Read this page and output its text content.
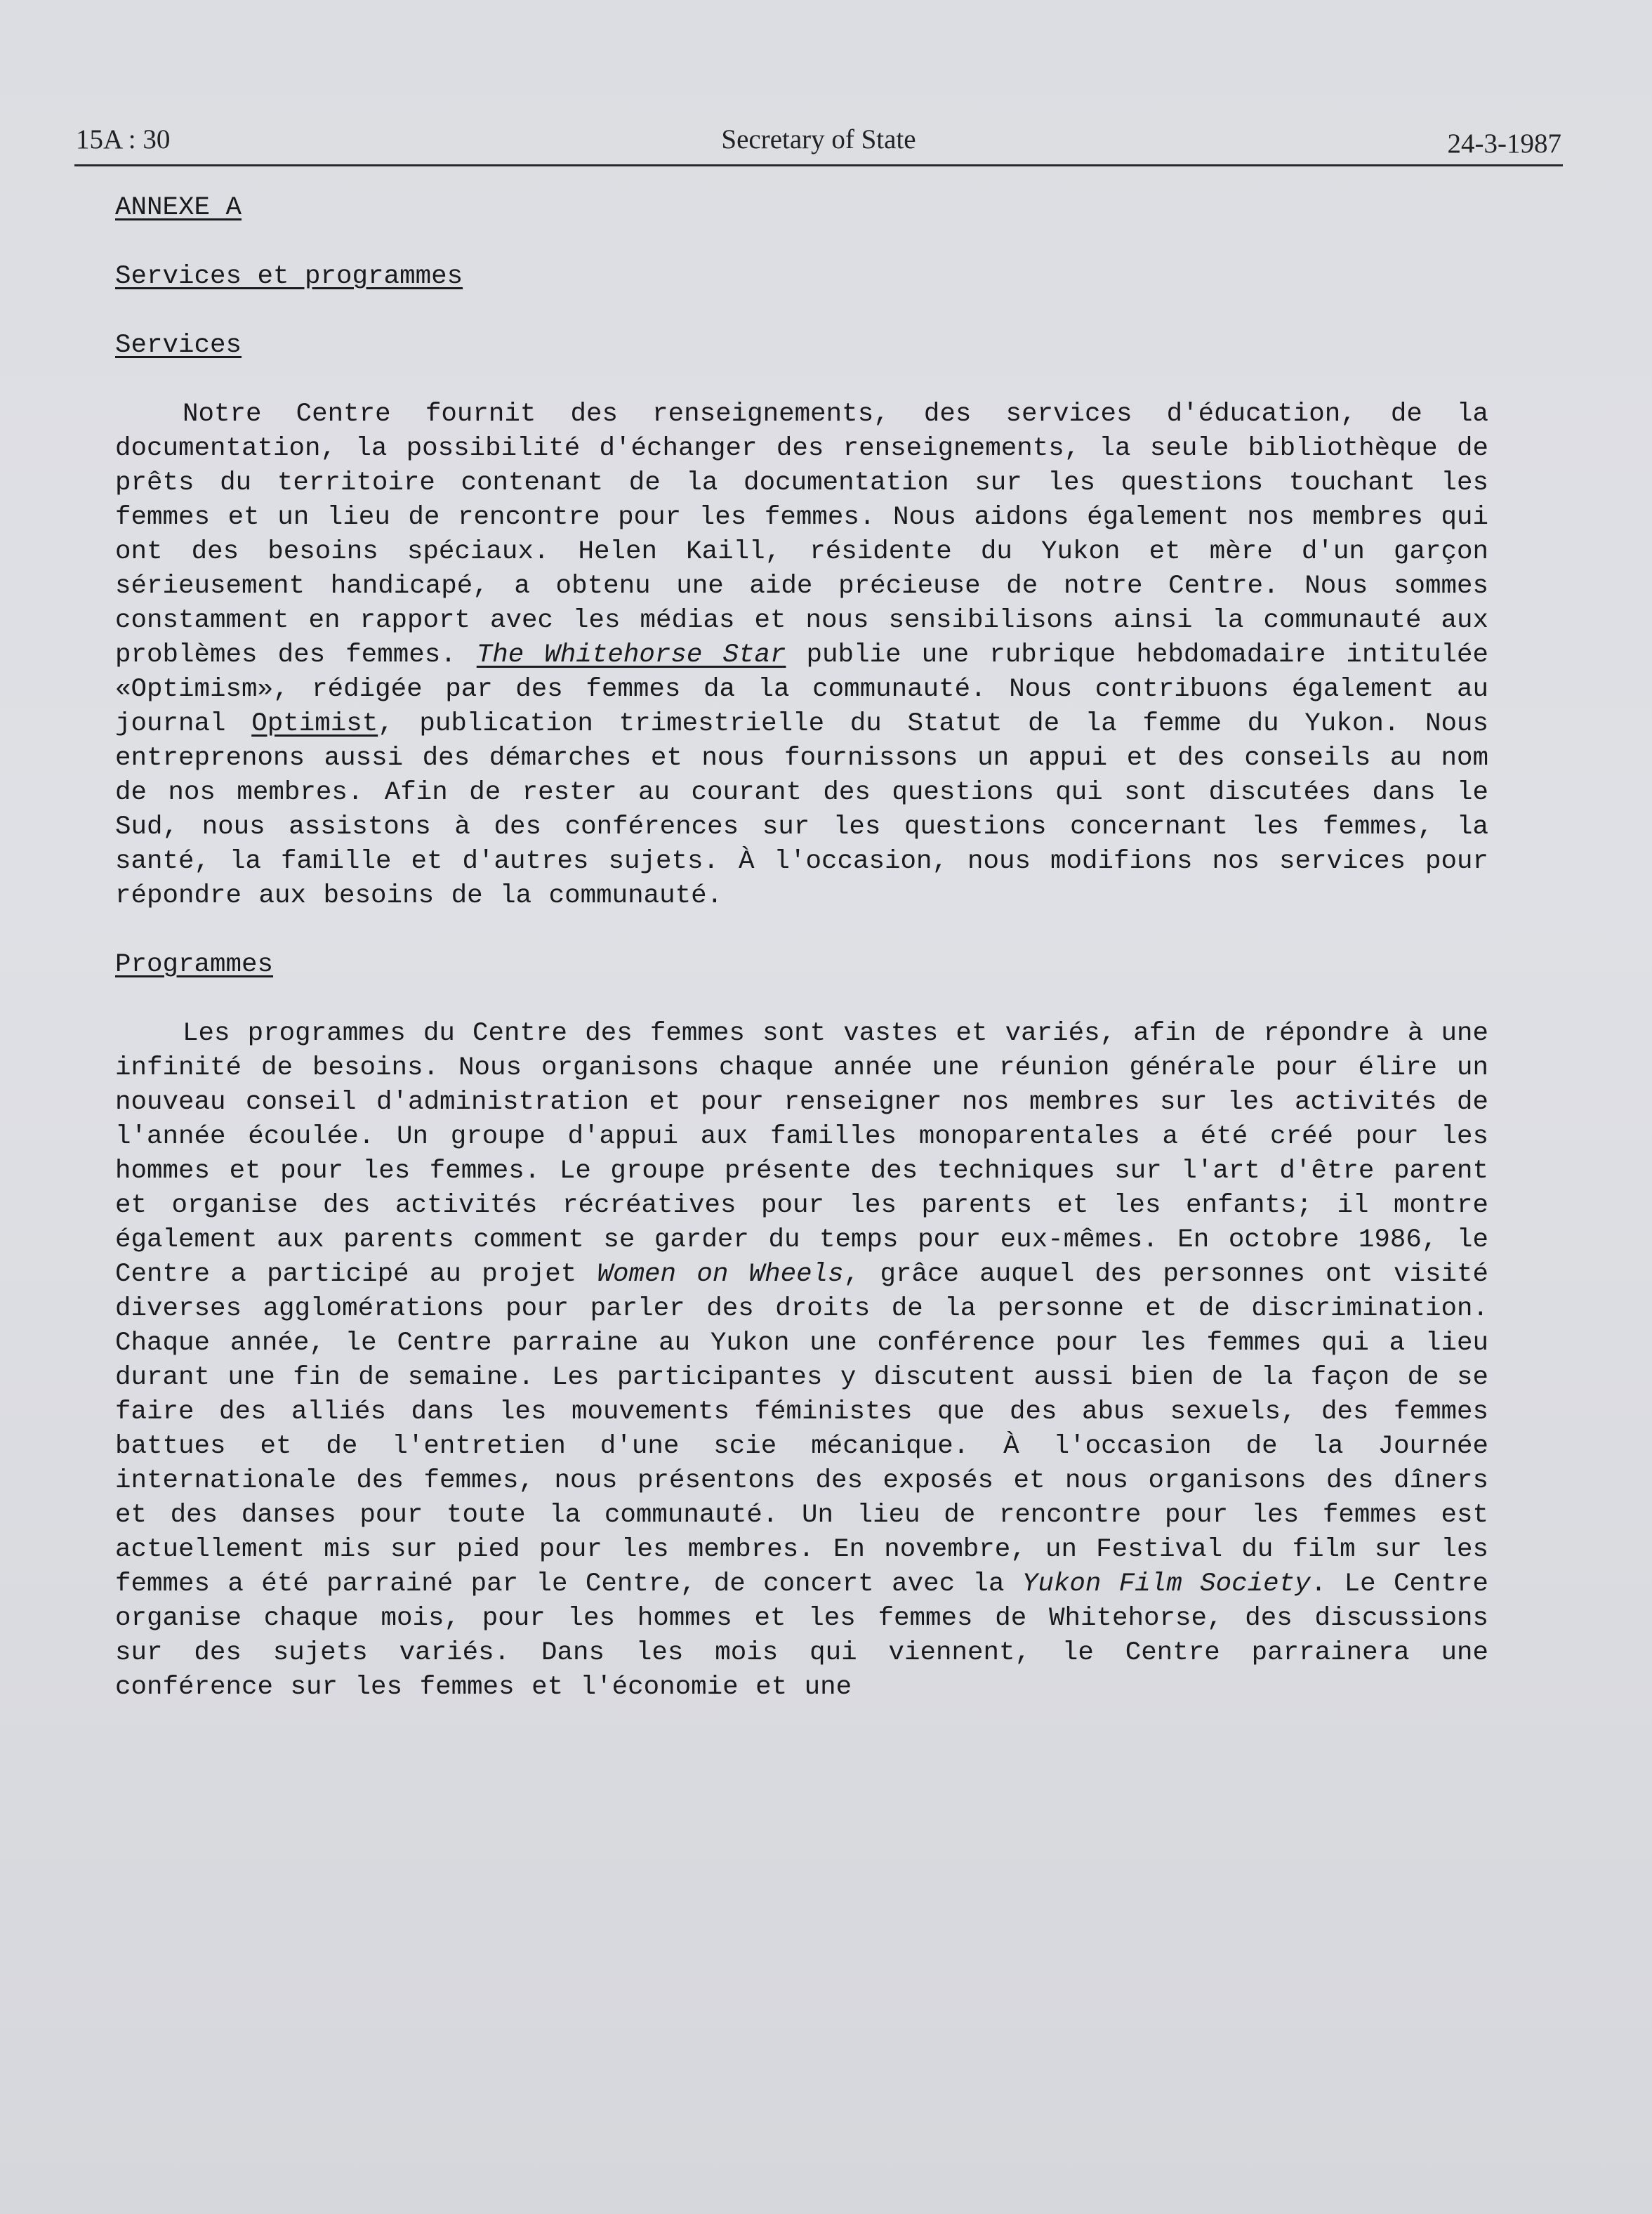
15A : 30	Secretary of State	24-3-1987
ANNEXE A
Services et programmes
Services

Notre Centre fournit des renseignements, des services d'éducation, de la documentation, la possibilité d'échanger des renseignements, la seule bibliothèque de prêts du territoire contenant de la documentation sur les questions touchant les femmes et un lieu de rencontre pour les femmes. Nous aidons également nos membres qui ont des besoins spéciaux. Helen Kaill, résidente du Yukon et mère d'un garçon sérieusement handicapé, a obtenu une aide précieuse de notre Centre. Nous sommes constamment en rapport avec les médias et nous sensibilisons ainsi la communauté aux problèmes des femmes. The Whitehorse Star publie une rubrique hebdomadaire intitulée «Optimism», rédigée par des femmes da la communauté. Nous contribuons également au journal Optimist, publication trimestrielle du Statut de la femme du Yukon. Nous entreprenons aussi des démarches et nous fournissons un appui et des conseils au nom de nos membres. Afin de rester au courant des questions qui sont discutées dans le Sud, nous assistons à des conférences sur les questions concernant les femmes, la santé, la famille et d'autres sujets. À l'occasion, nous modifions nos services pour répondre aux besoins de la communauté.

Programmes

Les programmes du Centre des femmes sont vastes et variés, afin de répondre à une infinité de besoins. Nous organisons chaque année une réunion générale pour élire un nouveau conseil d'administration et pour renseigner nos membres sur les activités de l'année écoulée. Un groupe d'appui aux familles monoparentales a été créé pour les hommes et pour les femmes. Le groupe présente des techniques sur l'art d'être parent et organise des activités récréatives pour les parents et les enfants; il montre également aux parents comment se garder du temps pour eux-mêmes. En octobre 1986, le Centre a participé au projet Women on Wheels, grâce auquel des personnes ont visité diverses agglomérations pour parler des droits de la personne et de discrimination. Chaque année, le Centre parraine au Yukon une conférence pour les femmes qui a lieu durant une fin de semaine. Les participantes y discutent aussi bien de la façon de se faire des alliés dans les mouvements féministes que des abus sexuels, des femmes battues et de l'entretien d'une scie mécanique. À l'occasion de la Journée internationale des femmes, nous présentons des exposés et nous organisons des dîners et des danses pour toute la communauté. Un lieu de rencontre pour les femmes est actuellement mis sur pied pour les membres. En novembre, un Festival du film sur les femmes a été parrainé par le Centre, de concert avec la Yukon Film Society. Le Centre organise chaque mois, pour les hommes et les femmes de Whitehorse, des discussions sur des sujets variés. Dans les mois qui viennent, le Centre parrainera une conférence sur les femmes et l'économie et une
